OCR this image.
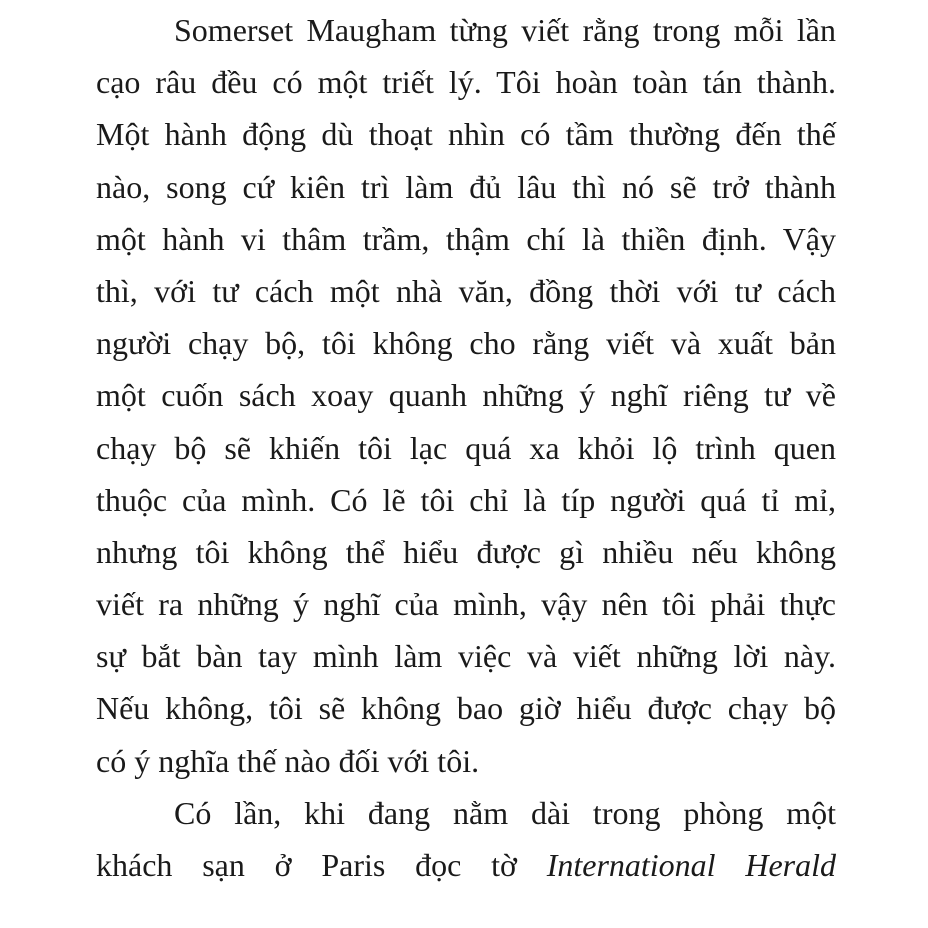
Somerset Maugham từng viết rằng trong mỗi lần
cạo râu đều có một triết lý. Tôi hoàn toàn tán thành.
Một hành động dù thoạt nhìn có tầm thường đến thế
nào, song cứ kiên trì làm đủ lâu thì nó sẽ trở thành
một hành vi thâm trầm, thậm chí là thiền định. Vậy
thì, với tư cách một nhà văn, đồng thời với tư cách
người chạy bộ, tôi không cho rằng viết và xuất bản
một cuốn sách xoay quanh những ý nghĩ riêng tư về
chạy bộ sẽ khiến tôi lạc quá xa khỏi lộ trình quen
thuộc của mình. Có lẽ tôi chỉ là típ người quá tỉ mỉ,
nhưng tôi không thể hiểu được gì nhiều nếu không
viết ra những ý nghĩ của mình, vậy nên tôi phải thực
sự bắt bàn tay mình làm việc và viết những lời này.
Nếu không, tôi sẽ không bao giờ hiểu được chạy bộ
có ý nghĩa thế nào đối với tôi.
Có lần, khi đang nằm dài trong phòng một
khách sạn ở Paris đọc tờ International Herald
